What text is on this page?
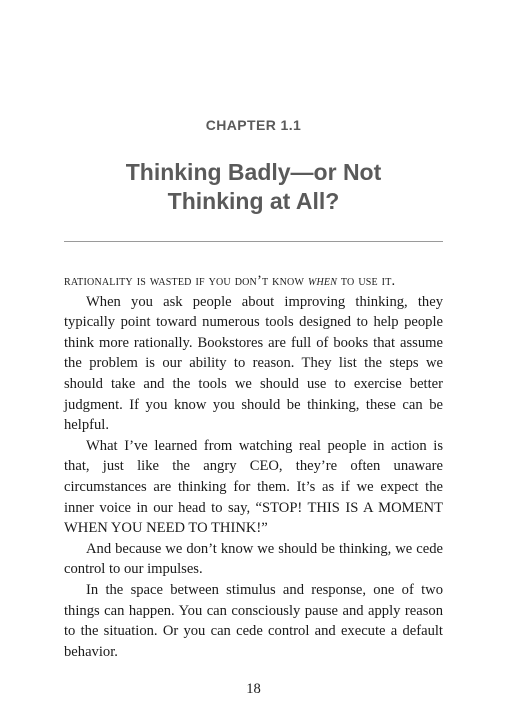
CHAPTER 1.1
Thinking Badly—or Not
Thinking at All?

rationality is wasted if you don’t know when to use it.

When you ask people about improving thinking, they typically point toward numerous tools designed to help people think more rationally. Bookstores are full of books that assume the problem is our ability to reason. They list the steps we should take and the tools we should use to exercise better judgment. If you know you should be thinking, these can be helpful.

What I’ve learned from watching real people in action is that, just like the angry CEO, they’re often unaware circumstances are thinking for them. It’s as if we expect the inner voice in our head to say, “STOP! THIS IS A MOMENT WHEN YOU NEED TO THINK!”

And because we don’t know we should be thinking, we cede control to our impulses.

In the space between stimulus and response, one of two things can happen. You can consciously pause and apply reason to the situation. Or you can cede control and execute a default behavior.

18
